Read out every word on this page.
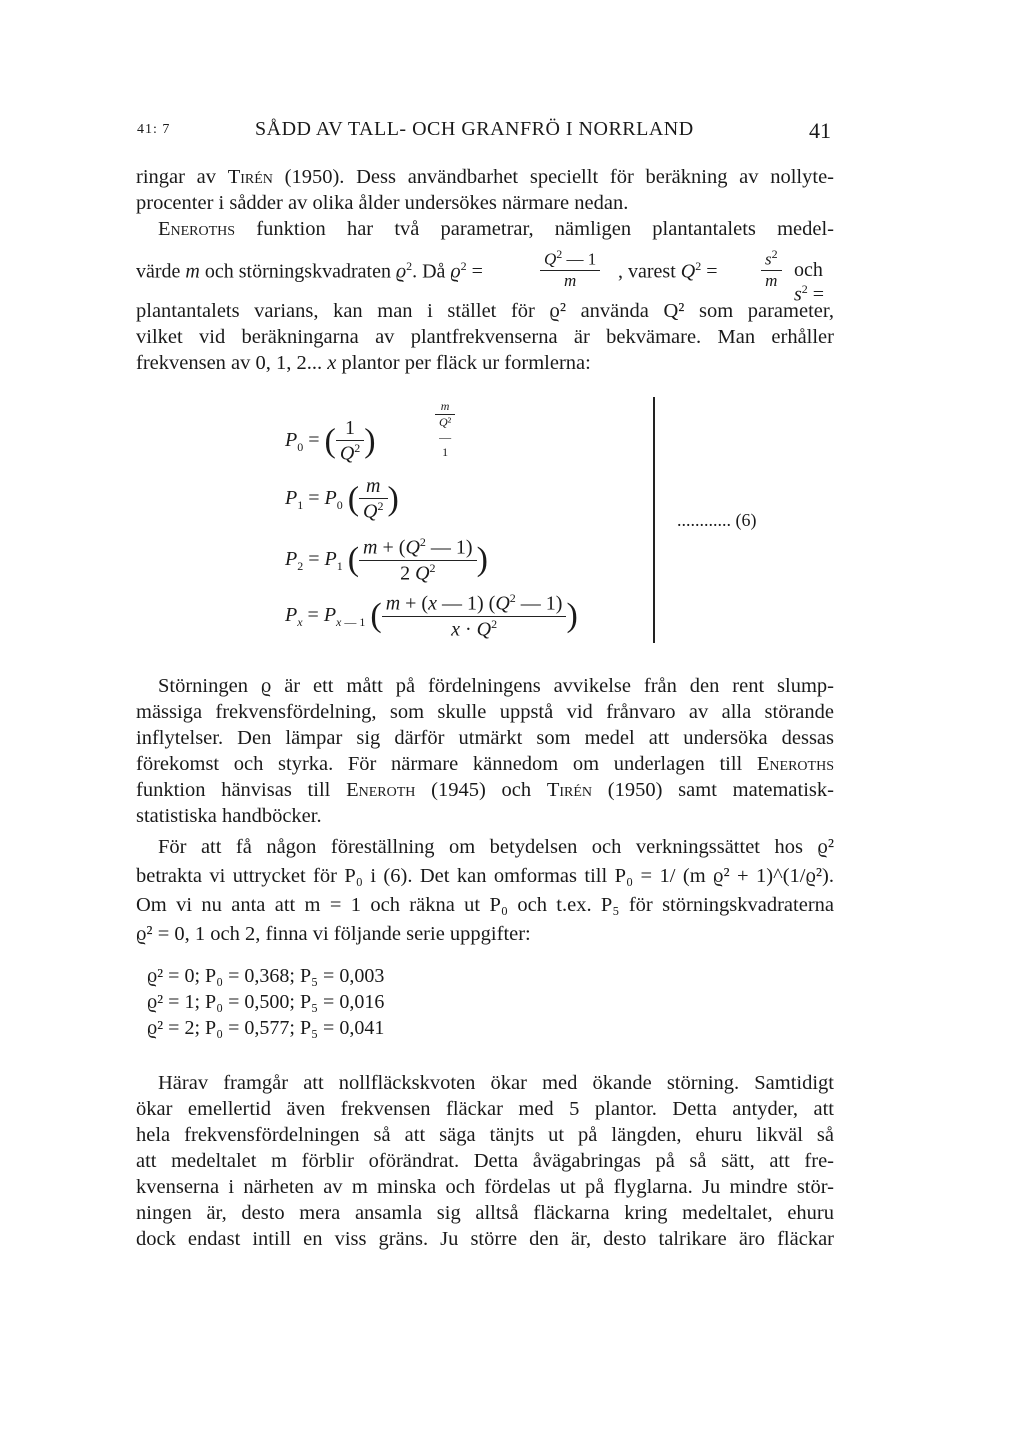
41: 7	SÅDD AV TALL- OCH GRANFRÖ I NORRLAND	41
ringar av Tirén (1950). Dess användbarhet speciellt för beräkning av nollyte-
procenter i sådder av olika ålder undersökes närmare nedan.
Eneroths funktion har två parametrar, nämligen plantantalets medel-
värde m och störningskvadraten $ϱ^2$. Då $ϱ^2$ =	$\frac{Q^2 — 1}{m}$ , varest $Q^2$ =	$\frac{s^2}{m}$ och $s^2$ =
plantantalets varians, kan man i stället för ϱ² använda Q² som parameter,
vilket vid beräkningarna av plantfrekvenserna är bekvämare. Man erhåller
frekvensen av 0, 1, 2... x plantor per fläck ur formlerna:
$P_0$ = ( $\frac{1}{Q^2}$ )	$\frac{m}{\text{Q²— 1}}$
$P_1 = P_0$ ( $\frac{m}{Q^2}$ )
$P_2 = P_1$ ( $\frac{m + (Q^2 — 1)}{2 Q^2}$ )
$P_x = P_{x — 1}$ ( $\frac{m + (x — 1) (Q^2 — 1)}{x \cdot Q^2}$ )
............ (6)
Störningen ϱ är ett mått på fördelningens avvikelse från den rent slump-
mässiga frekvensfördelning, som skulle uppstå vid frånvaro av alla störande
inflytelser. Den lämpar sig därför utmärkt som medel att undersöka dessas
förekomst och styrka. För närmare kännedom om underlagen till Eneroths
funktion hänvisas till Eneroth (1945) och Tirén (1950) samt matematisk-
statistiska handböcker.
För att få någon föreställning om betydelsen och verkningssättet hos ϱ²
betrakta vi uttrycket för P₀ i (6). Det kan omformas till P₀ = 1/ (m ϱ² + 1)^(1/ϱ²).
Om vi nu anta att m = 1 och räkna ut P₀ och t.ex. P₅ för störningskvadraterna
ϱ² = 0, 1 och 2, finna vi följande serie uppgifter:
ϱ² = 0; P₀ = 0,368; P₅ = 0,003
ϱ² = 1; P₀ = 0,500; P₅ = 0,016
ϱ² = 2; P₀ = 0,577; P₅ = 0,041
Härav framgår att nollfläckskvoten ökar med ökande störning. Samtidigt
ökar emellertid även frekvensen fläckar med 5 plantor. Detta antyder, att
hela frekvensfördelningen så att säga tänjts ut på längden, ehuru likväl så
att medeltalet m förblir oförändrat. Detta åvägabringas på så sätt, att fre-
kvenserna i närheten av m minska och fördelas ut på flyglarna. Ju mindre stör-
ningen är, desto mera ansamla sig alltså fläckarna kring medeltalet, ehuru
dock endast intill en viss gräns. Ju större den är, desto talrikare äro fläckar
